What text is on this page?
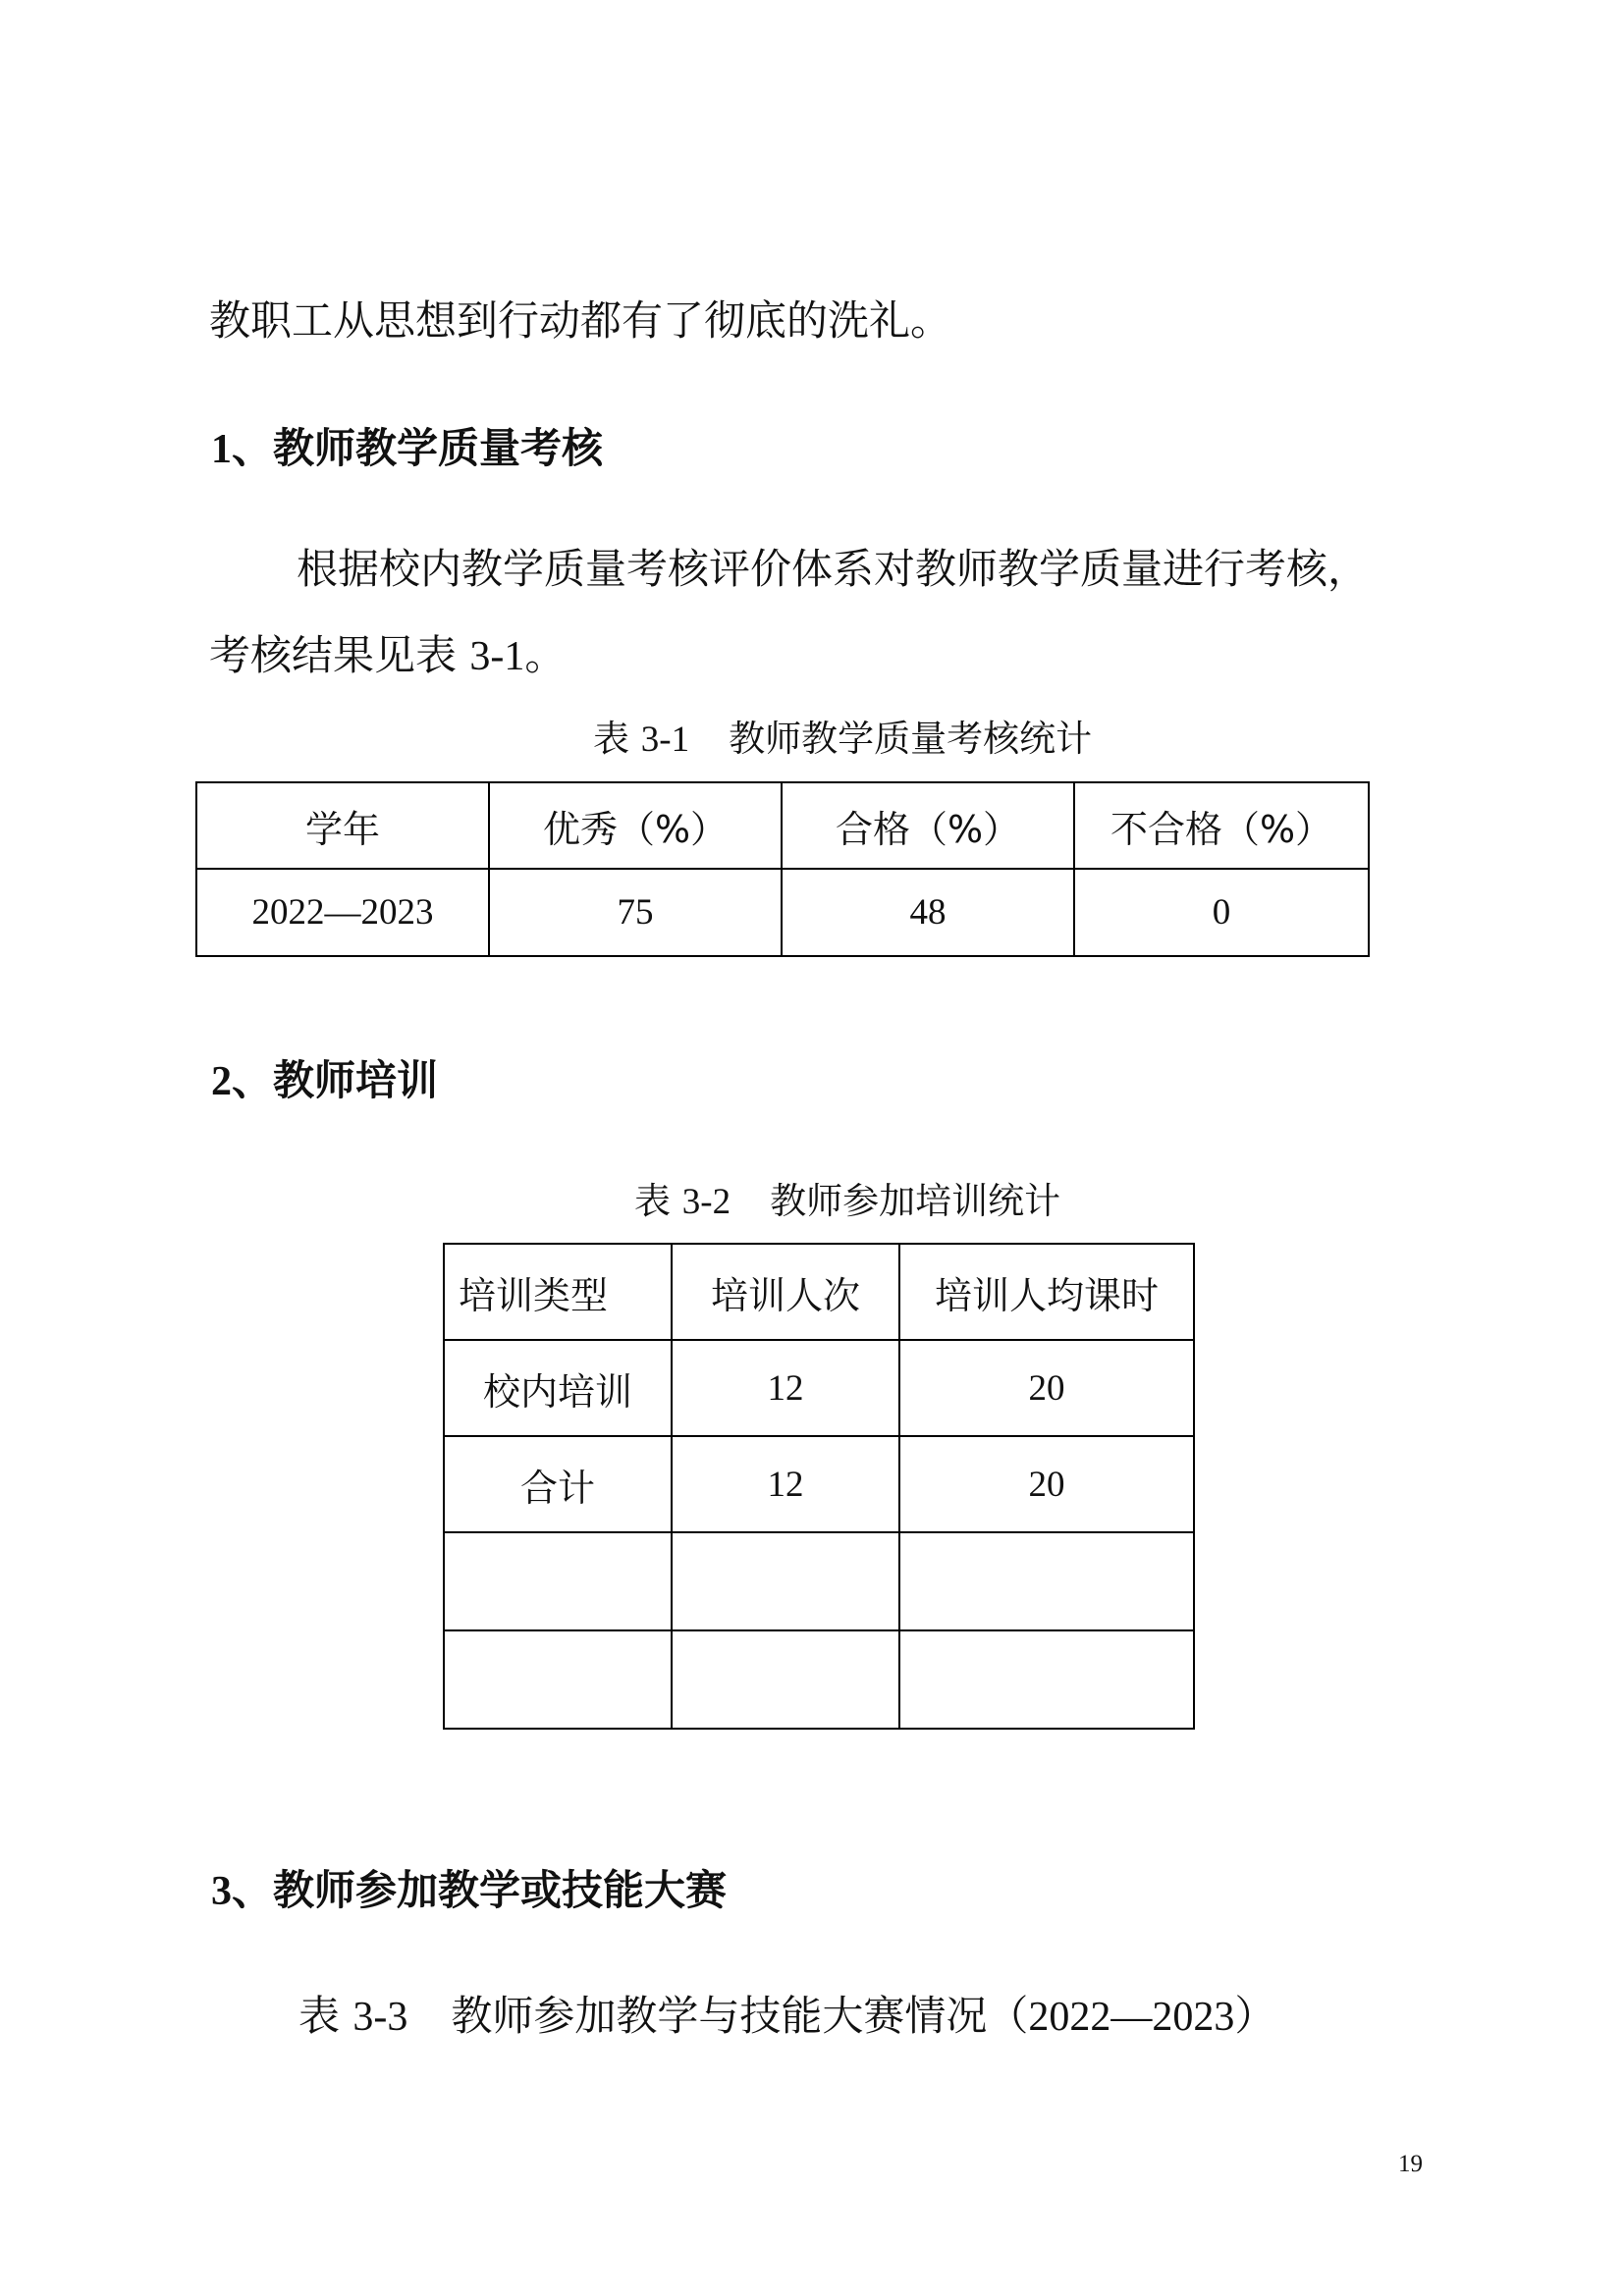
教职工从思想到行动都有了彻底的洗礼。
1、教师教学质量考核
根据校内教学质量考核评价体系对教师教学质量进行考核，
考核结果见表 3-1。
表 3-1 教师教学质量考核统计
学年	优秀（%）	合格（%）	不合格（%）
2022—2023	75	48	0
2、教师培训
表 3-2 教师参加培训统计
培训类型	培训人次	培训人均课时
校内培训	12	20
合计	12	20

3、教师参加教学或技能大赛
表 3-3 教师参加教学与技能大赛情况（2022—2023）
19
